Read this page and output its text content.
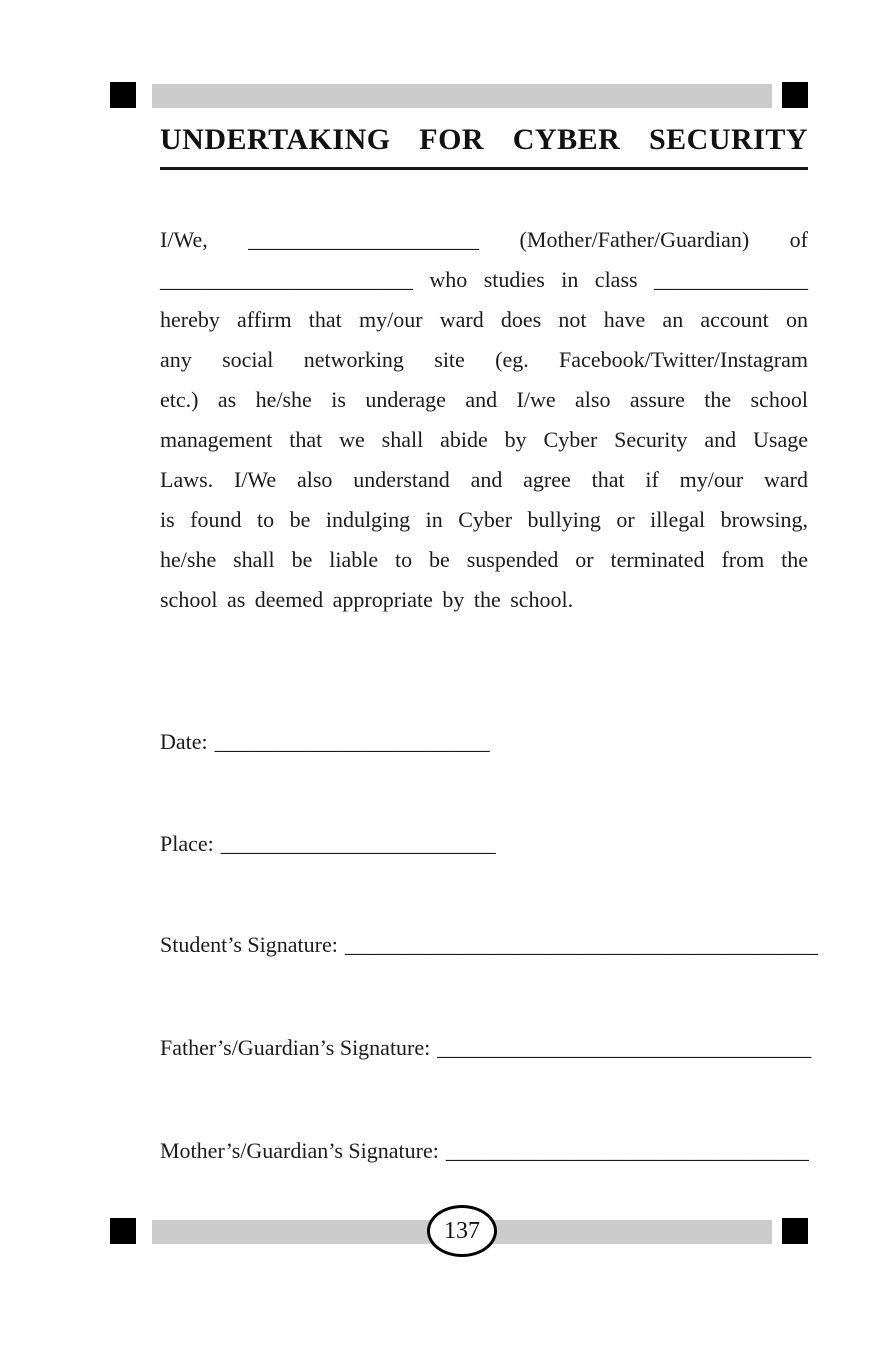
UNDERTAKING FOR CYBER SECURITY
I/We, _____________________ (Mother/Father/Guardian) of
_______________________ who studies in class ______________
hereby affirm that my/our ward does not have an account on
any social networking site (eg. Facebook/Twitter/Instagram
etc.) as he/she is underage and I/we also assure the school
management that we shall abide by Cyber Security and Usage
Laws. I/We also understand and agree that if my/our ward
is found to be indulging in Cyber bullying or illegal browsing,
he/she shall be liable to be suspended or terminated from the
school as deemed appropriate by the school.
Date: _________________________
Place: _________________________
Student’s Signature: ___________________________________________
Father’s/Guardian’s Signature: __________________________________
Mother’s/Guardian’s Signature: _________________________________
137
